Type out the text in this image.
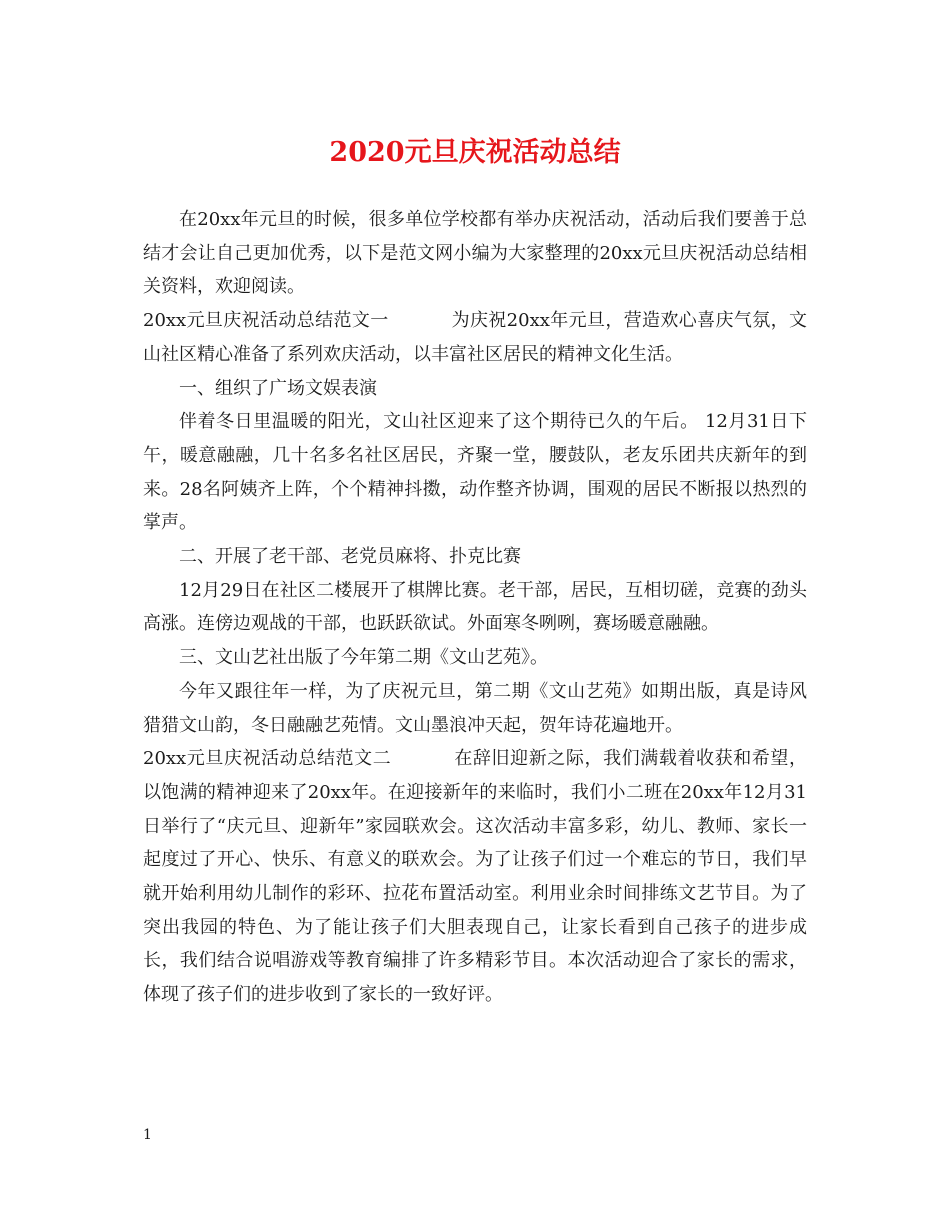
2020元旦庆祝活动总结

在20xx年元旦的时候，很多单位学校都有举办庆祝活动，活动后我们要善于总结才会让自己更加优秀，以下是范文网小编为大家整理的20xx元旦庆祝活动总结相关资料，欢迎阅读。

20xx元旦庆祝活动总结范文一	为庆祝20xx年元旦，营造欢心喜庆气氛，文山社区精心准备了系列欢庆活动，以丰富社区居民的精神文化生活。

一、组织了广场文娱表演

伴着冬日里温暖的阳光，文山社区迎来了这个期待已久的午后。 12月31日下午，暖意融融，几十名多名社区居民，齐聚一堂，腰鼓队，老友乐团共庆新年的到来。28名阿姨齐上阵，个个精神抖擞，动作整齐协调，围观的居民不断报以热烈的掌声。

二、开展了老干部、老党员麻将、扑克比赛

12月29日在社区二楼展开了棋牌比赛。老干部，居民，互相切磋，竞赛的劲头高涨。连傍边观战的干部，也跃跃欲试。外面寒冬咧咧，赛场暖意融融。

三、文山艺社出版了今年第二期《文山艺苑》。

今年又跟往年一样，为了庆祝元旦，第二期《文山艺苑》如期出版，真是诗风猎猎文山韵，冬日融融艺苑情。文山墨浪冲天起，贺年诗花遍地开。

20xx元旦庆祝活动总结范文二	在辞旧迎新之际，我们满载着收获和希望，以饱满的精神迎来了20xx年。在迎接新年的来临时，我们小二班在20xx年12月31日举行了“庆元旦、迎新年”家园联欢会。这次活动丰富多彩，幼儿、教师、家长一起度过了开心、快乐、有意义的联欢会。为了让孩子们过一个难忘的节日，我们早就开始利用幼儿制作的彩环、拉花布置活动室。利用业余时间排练文艺节目。为了突出我园的特色、为了能让孩子们大胆表现自己，让家长看到自己孩子的进步成长，我们结合说唱游戏等教育编排了许多精彩节目。本次活动迎合了家长的需求，体现了孩子们的进步收到了家长的一致好评。

1
